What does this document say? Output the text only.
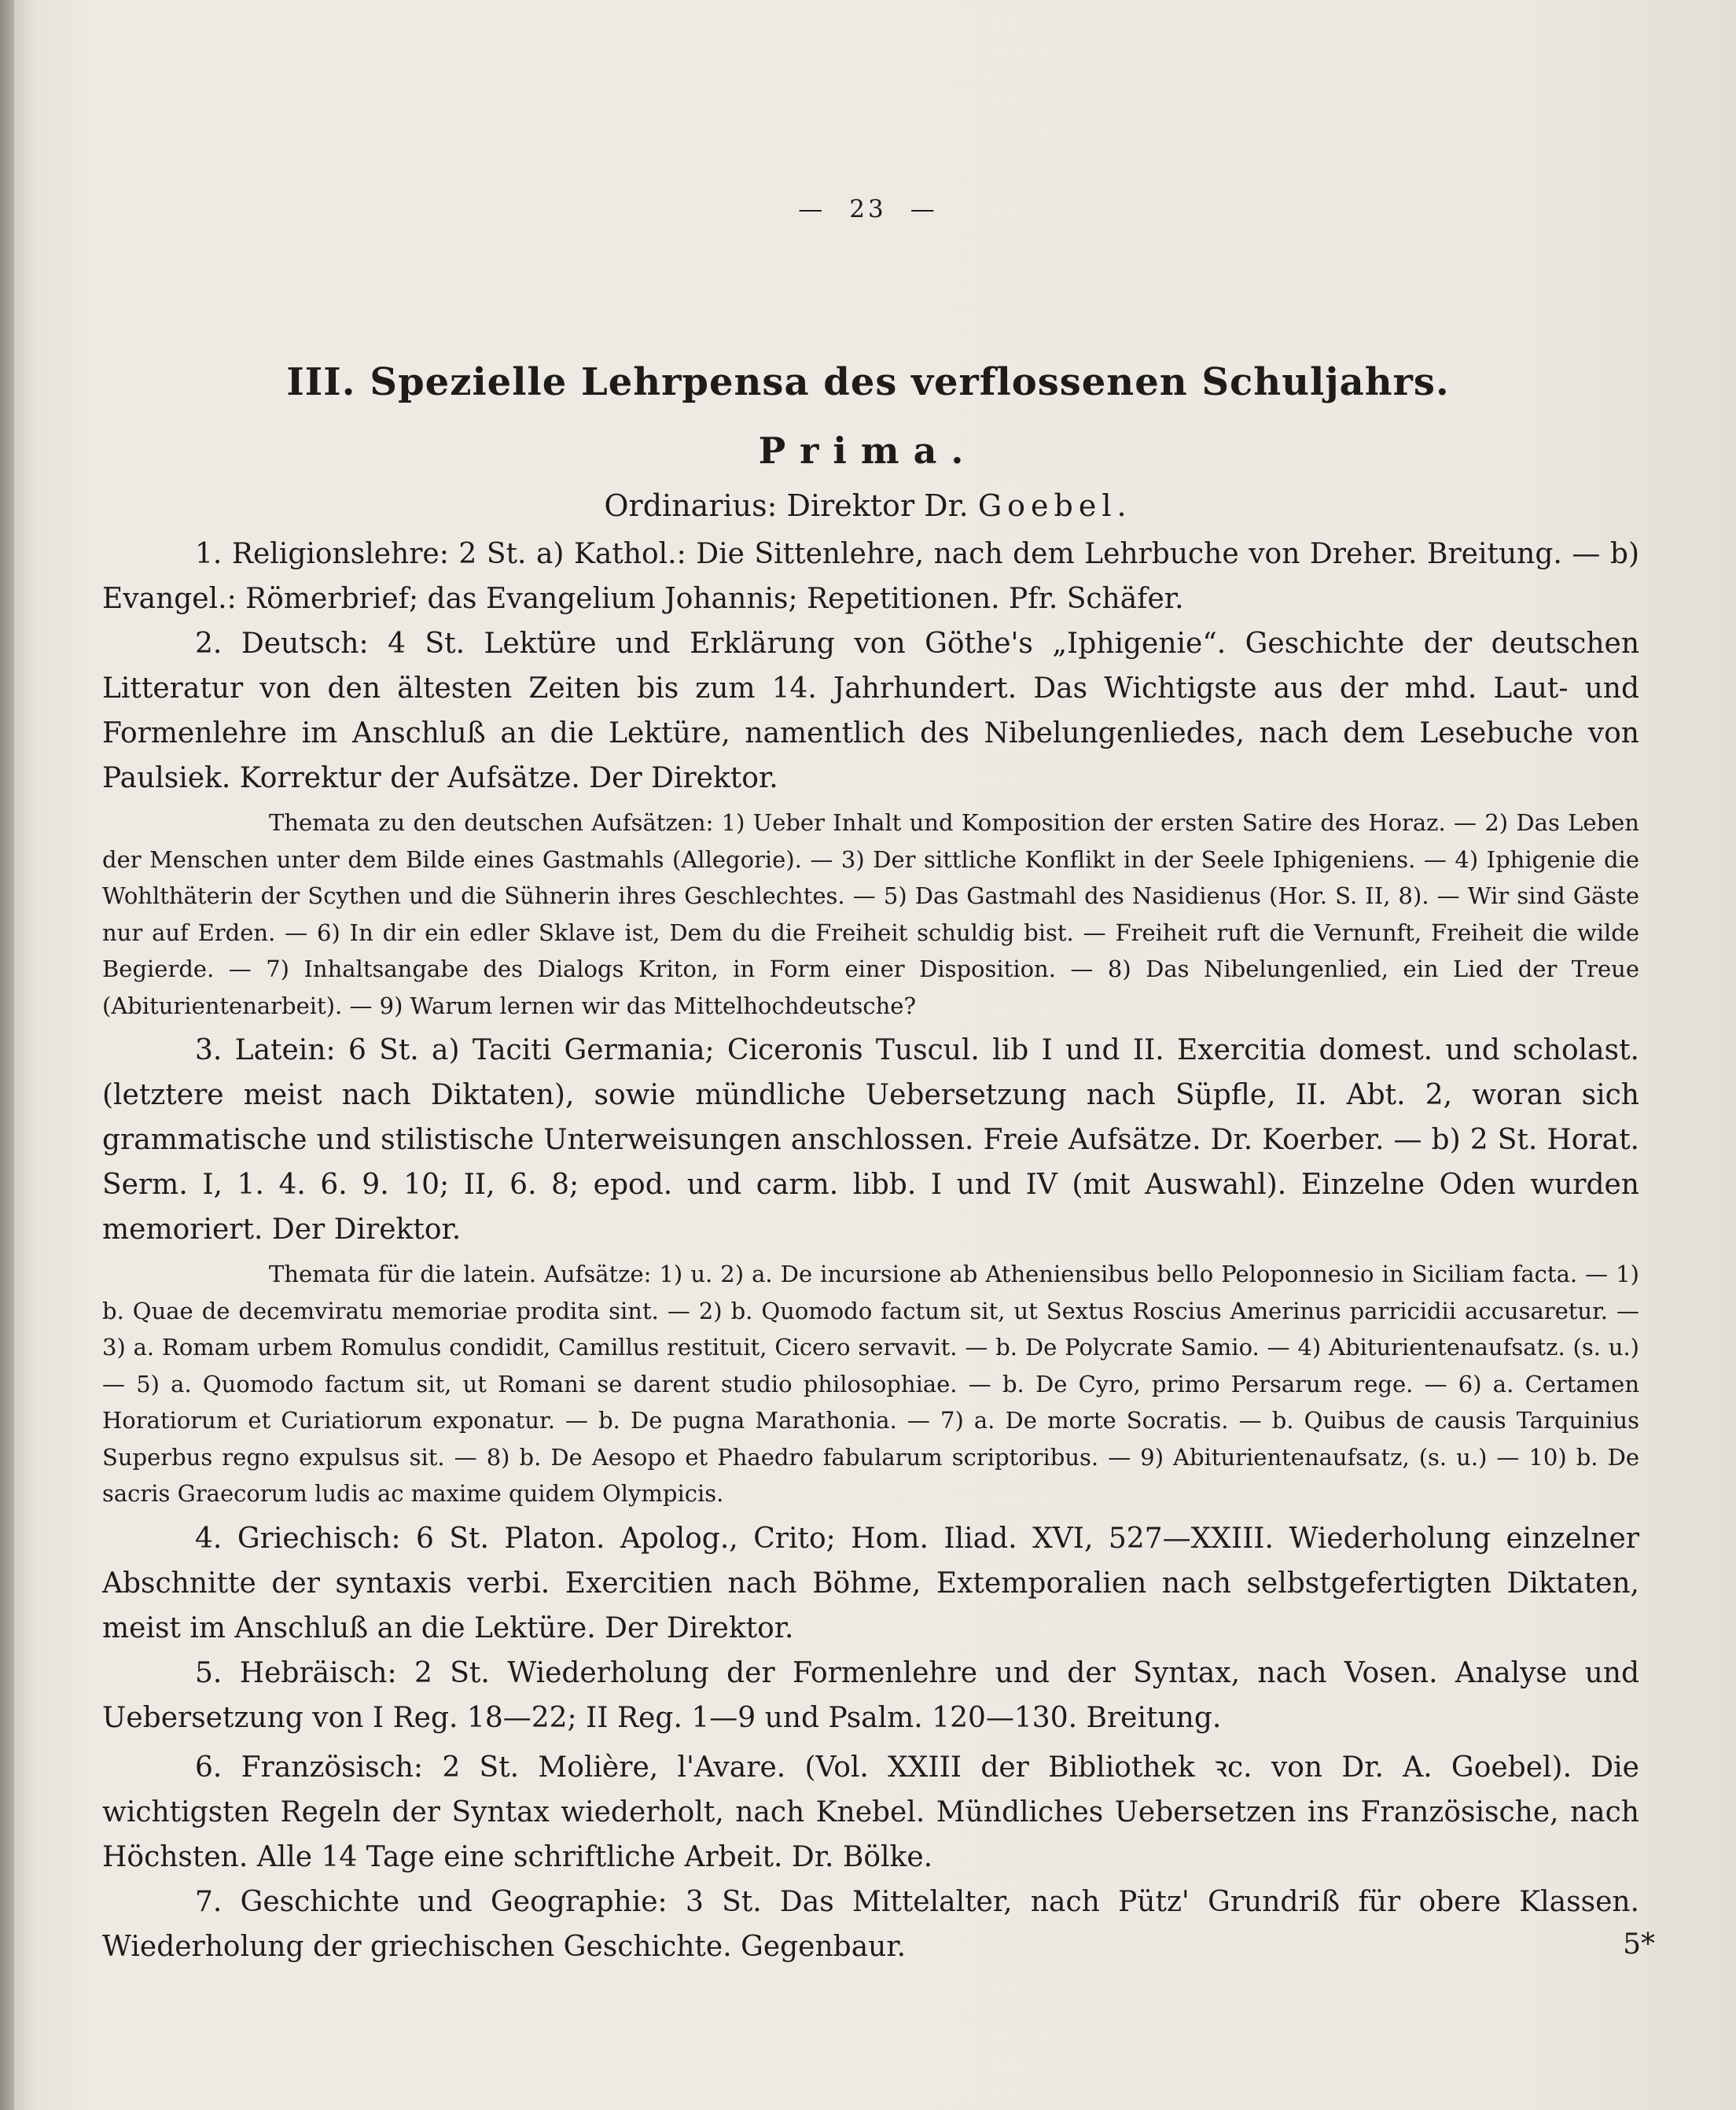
— 23 —
III. Spezielle Lehrpensa des verflossenen Schuljahrs.
Prima.
Ordinarius: Direktor Dr. Goebel.

1. Religionslehre: 2 St. a) Kathol.: Die Sittenlehre, nach dem Lehrbuche von Dreher. Breitung. — b) Evangel.: Römerbrief; das Evangelium Johannis; Repetitionen. Pfr. Schäfer.

2. Deutsch: 4 St. Lektüre und Erklärung von Göthe's „Iphigenie“. Geschichte der deutschen Litteratur von den ältesten Zeiten bis zum 14. Jahrhundert. Das Wichtigste aus der mhd. Laut- und Formenlehre im Anschluß an die Lektüre, namentlich des Nibelungenliedes, nach dem Lesebuche von Paulsiek. Korrektur der Aufsätze. Der Direktor.

Themata zu den deutschen Aufsätzen: 1) Ueber Inhalt und Komposition der ersten Satire des Horaz. — 2) Das Leben der Menschen unter dem Bilde eines Gastmahls (Allegorie). — 3) Der sittliche Konflikt in der Seele Iphigeniens. — 4) Iphigenie die Wohlthäterin der Scythen und die Sühnerin ihres Geschlechtes. — 5) Das Gastmahl des Nasidienus (Hor. S. II, 8). — Wir sind Gäste nur auf Erden. — 6) In dir ein edler Sklave ist, Dem du die Freiheit schuldig bist. — Freiheit ruft die Vernunft, Freiheit die wilde Begierde. — 7) Inhaltsangabe des Dialogs Kriton, in Form einer Disposition. — 8) Das Nibelungenlied, ein Lied der Treue (Abiturientenarbeit). — 9) Warum lernen wir das Mittelhochdeutsche?

3. Latein: 6 St. a) Taciti Germania; Ciceronis Tuscul. lib I und II. Exercitia domest. und scholast. (letztere meist nach Diktaten), sowie mündliche Uebersetzung nach Süpfle, II. Abt. 2, woran sich grammatische und stilistische Unterweisungen anschlossen. Freie Aufsätze. Dr. Koerber. — b) 2 St. Horat. Serm. I, 1. 4. 6. 9. 10; II, 6. 8; epod. und carm. libb. I und IV (mit Auswahl). Einzelne Oden wurden memoriert. Der Direktor.

Themata für die latein. Aufsätze: 1) u. 2) a. De incursione ab Atheniensibus bello Peloponnesio in Siciliam facta. — 1) b. Quae de decemviratu memoriae prodita sint. — 2) b. Quomodo factum sit, ut Sextus Roscius Amerinus parricidii accusaretur. — 3) a. Romam urbem Romulus condidit, Camillus restituit, Cicero servavit. — b. De Polycrate Samio. — 4) Abiturientenaufsatz. (s. u.) — 5) a. Quomodo factum sit, ut Romani se darent studio philosophiae. — b. De Cyro, primo Persarum rege. — 6) a. Certamen Horatiorum et Curiatiorum exponatur. — b. De pugna Marathonia. — 7) a. De morte Socratis. — b. Quibus de causis Tarquinius Superbus regno expulsus sit. — 8) b. De Aesopo et Phaedro fabularum scriptoribus. — 9) Abiturientenaufsatz, (s. u.) — 10) b. De sacris Graecorum ludis ac maxime quidem Olympicis.

4. Griechisch: 6 St. Platon. Apolog., Crito; Hom. Iliad. XVI, 527—XXIII. Wiederholung einzelner Abschnitte der syntaxis verbi. Exercitien nach Böhme, Extemporalien nach selbstgefertigten Diktaten, meist im Anschluß an die Lektüre. Der Direktor.

5. Hebräisch: 2 St. Wiederholung der Formenlehre und der Syntax, nach Vosen. Analyse und Uebersetzung von I Reg. 18—22; II Reg. 1—9 und Psalm. 120—130. Breitung.

6. Französisch: 2 St. Molière, l'Avare. (Vol. XXIII der Bibliothek ꝛc. von Dr. A. Goebel). Die wichtigsten Regeln der Syntax wiederholt, nach Knebel. Mündliches Uebersetzen ins Französische, nach Höchsten. Alle 14 Tage eine schriftliche Arbeit. Dr. Bölke.

7. Geschichte und Geographie: 3 St. Das Mittelalter, nach Pütz' Grundriß für obere Klassen. Wiederholung der griechischen Geschichte. Gegenbaur.	5*
